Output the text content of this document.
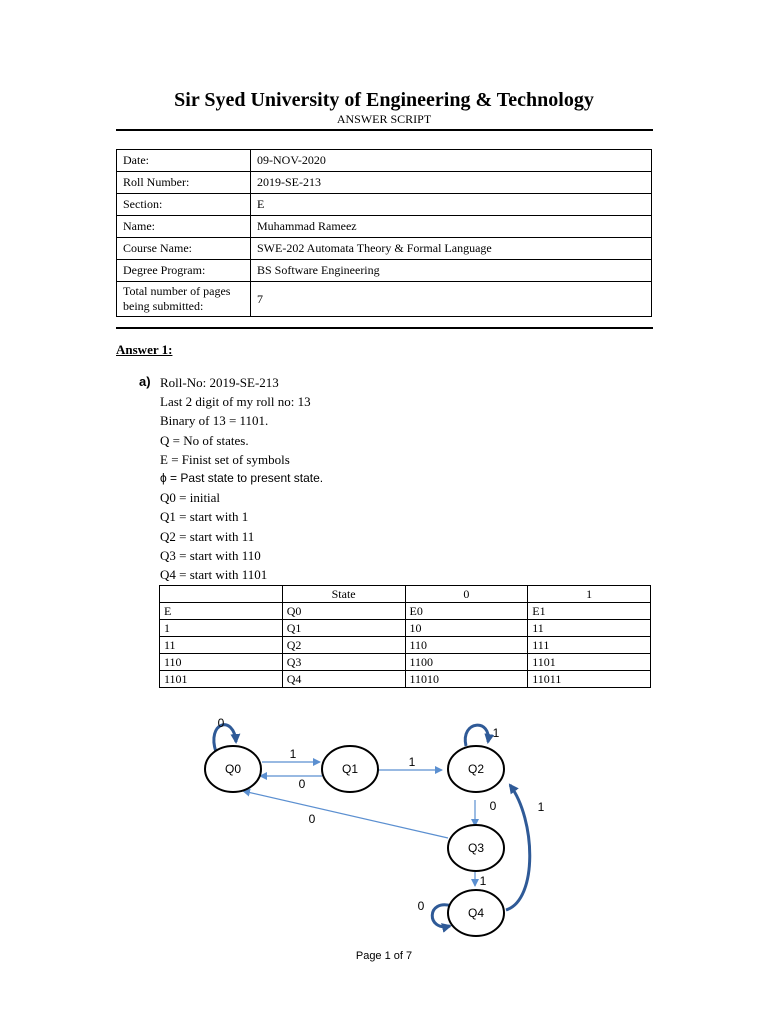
Sir Syed University of Engineering & Technology
ANSWER SCRIPT
Date:	09-NOV-2020
Roll Number:	2019-SE-213
Section:	E
Name:	Muhammad Rameez
Course Name:	SWE-202 Automata Theory & Formal Language
Degree Program:	BS Software Engineering
Total number of pages being submitted:	7
Answer 1:
a) Roll-No: 2019-SE-213
Last 2 digit of my roll no: 13
Binary of 13 = 1101.
Q = No of states.
E = Finist set of symbols
ϕ = Past state to present state.
Q0 = initial
Q1 = start with 1
Q2 = start with 11
Q3 = start with 110
Q4 = start with 1101
	State	0	1
E	Q0	E0	E1
1	Q1	10	11
11	Q2	110	111
110	Q3	1100	1101
1101	Q4	11010	11011
Q0	Q1	Q2
Q3
Q4
0
1
0
1
1
0
0
1
0
1
Page 1 of 7
